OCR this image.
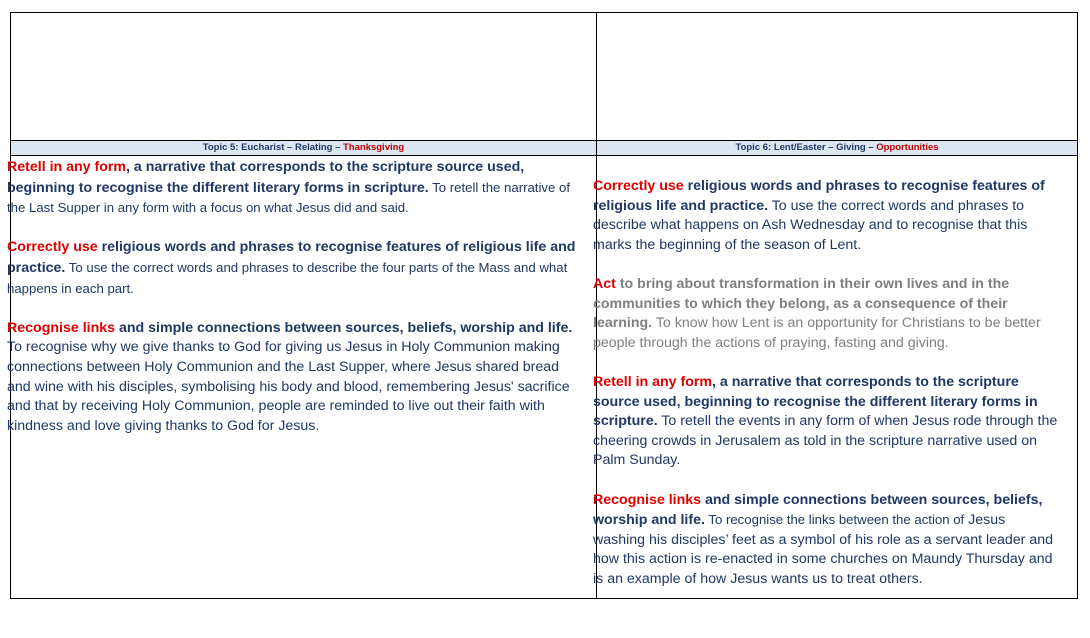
Topic 5: Eucharist – Relating – Thanksgiving	Topic 6: Lent/Easter – Giving – Opportunities

Retell in any form, a narrative that corresponds to the scripture source used, beginning to recognise the different literary forms in scripture. To retell the narrative of the Last Supper in any form with a focus on what Jesus did and said.

Correctly use religious words and phrases to recognise features of religious life and practice. To use the correct words and phrases to describe the four parts of the Mass and what happens in each part.

Recognise links and simple connections between sources, beliefs, worship and life. To recognise why we give thanks to God for giving us Jesus in Holy Communion making connections between Holy Communion and the Last Supper, where Jesus shared bread and wine with his disciples, symbolising his body and blood, remembering Jesus' sacrifice and that by receiving Holy Communion, people are reminded to live out their faith with kindness and love giving thanks to God for Jesus.

Correctly use religious words and phrases to recognise features of religious life and practice. To use the correct words and phrases to describe what happens on Ash Wednesday and to recognise that this marks the beginning of the season of Lent.

Act to bring about transformation in their own lives and in the communities to which they belong, as a consequence of their learning. To know how Lent is an opportunity for Christians to be better people through the actions of praying, fasting and giving.

Retell in any form, a narrative that corresponds to the scripture source used, beginning to recognise the different literary forms in scripture. To retell the events in any form of when Jesus rode through the cheering crowds in Jerusalem as told in the scripture narrative used on Palm Sunday.

Recognise links and simple connections between sources, beliefs, worship and life. To recognise the links between the action of Jesus washing his disciples’ feet as a symbol of his role as a servant leader and how this action is re-enacted in some churches on Maundy Thursday and is an example of how Jesus wants us to treat others.
